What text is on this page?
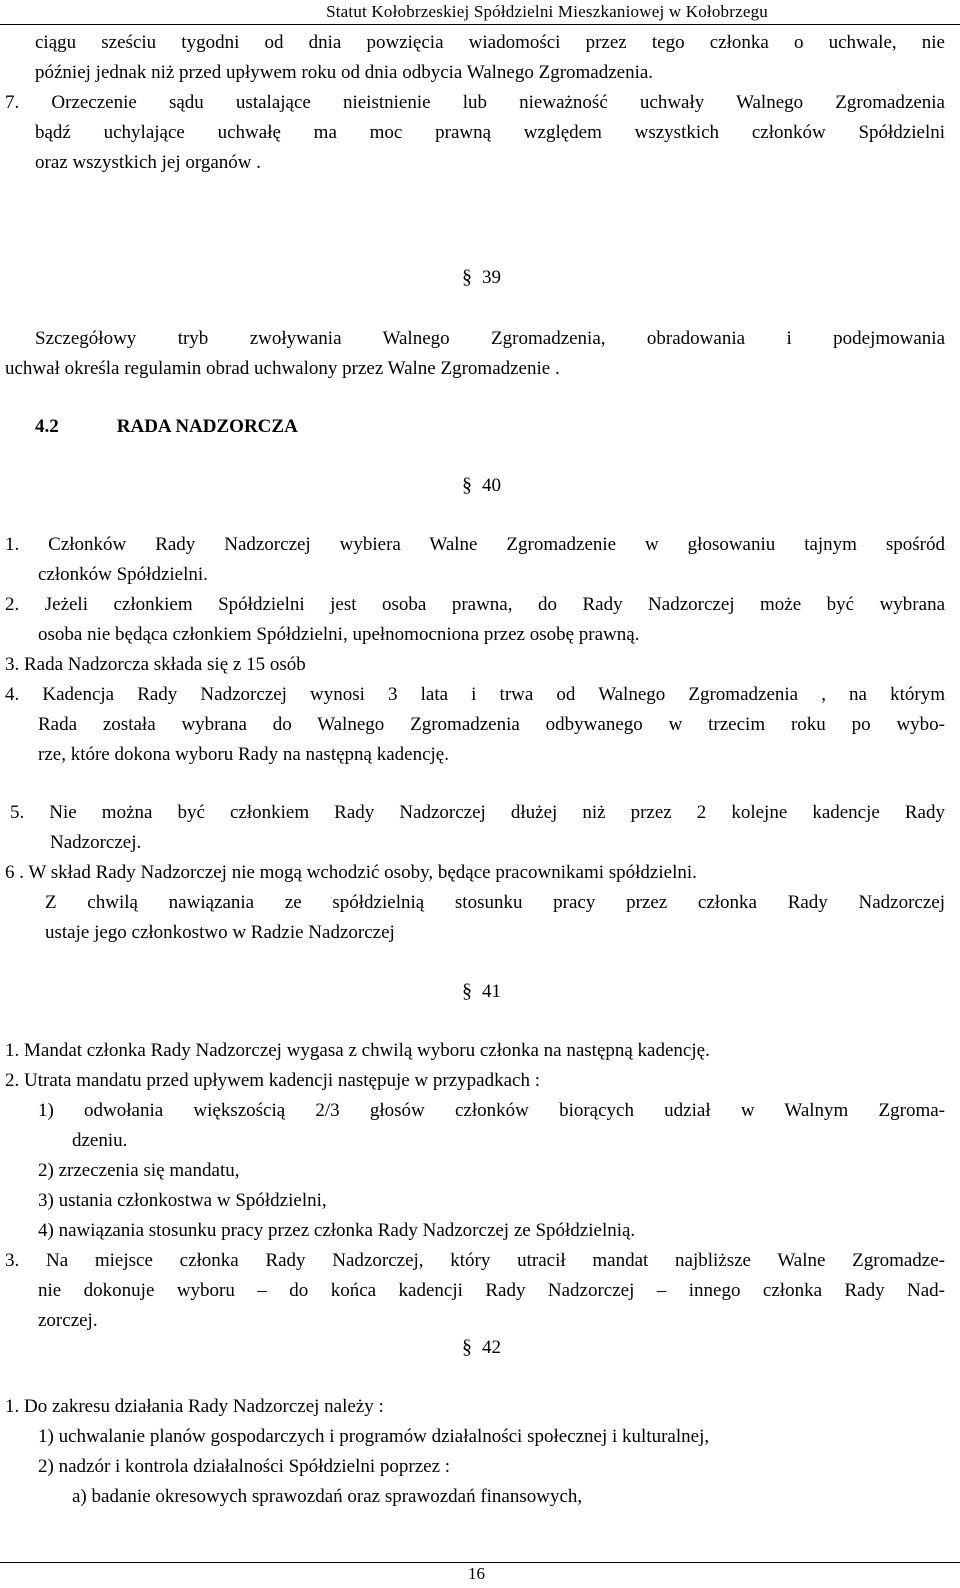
Statut Kołobrzeskiej Spółdzielni Mieszkaniowej w Kołobrzegu
ciągu sześciu tygodni od dnia powzięcia wiadomości przez tego członka o uchwale, nie
później jednak niż przed upływem roku od dnia odbycia Walnego Zgromadzenia.
7. Orzeczenie sądu ustalające nieistnienie lub nieważność uchwały Walnego Zgromadzenia
bądź uchylające uchwałę ma moc prawną względem wszystkich członków Spółdzielni
oraz wszystkich jej organów .
§ 39
Szczegółowy tryb zwoływania Walnego Zgromadzenia, obradowania i podejmowania
uchwał określa regulamin obrad uchwalony przez Walne Zgromadzenie .
4.2	RADA NADZORCZA
§ 40
1. Członków Rady Nadzorczej wybiera Walne Zgromadzenie w głosowaniu tajnym spośród
członków Spółdzielni.
2. Jeżeli członkiem Spółdzielni jest osoba prawna, do Rady Nadzorczej może być wybrana
osoba nie będąca członkiem Spółdzielni, upełnomocniona przez osobę prawną.
3. Rada Nadzorcza składa się z 15 osób
4. Kadencja Rady Nadzorczej wynosi 3 lata i trwa od Walnego Zgromadzenia , na którym
Rada została wybrana do Walnego Zgromadzenia odbywanego w trzecim roku po wybo-
rze, które dokona wyboru Rady na następną kadencję.
5. Nie można być członkiem Rady Nadzorczej dłużej niż przez 2 kolejne kadencje Rady
Nadzorczej.
6 . W skład Rady Nadzorczej nie mogą wchodzić osoby, będące pracownikami spółdzielni.
Z chwilą nawiązania ze spółdzielnią stosunku pracy przez członka Rady Nadzorczej
ustaje jego członkostwo w Radzie Nadzorczej
§ 41
1. Mandat członka Rady Nadzorczej wygasa z chwilą wyboru członka na następną kadencję.
2. Utrata mandatu przed upływem kadencji następuje w przypadkach :
1) odwołania większością 2/3 głosów członków biorących udział w Walnym Zgroma-
dzeniu.
2) zrzeczenia się mandatu,
3) ustania członkostwa w Spółdzielni,
4) nawiązania stosunku pracy przez członka Rady Nadzorczej ze Spółdzielnią.
3. Na miejsce członka Rady Nadzorczej, który utracił mandat najbliższe Walne Zgromadze-
nie dokonuje wyboru – do końca kadencji Rady Nadzorczej – innego członka Rady Nad-
zorczej.
§ 42
1. Do zakresu działania Rady Nadzorczej należy :
1) uchwalanie planów gospodarczych i programów działalności społecznej i kulturalnej,
2) nadzór i kontrola działalności Spółdzielni poprzez :
a) badanie okresowych sprawozdań oraz sprawozdań finansowych,
16
